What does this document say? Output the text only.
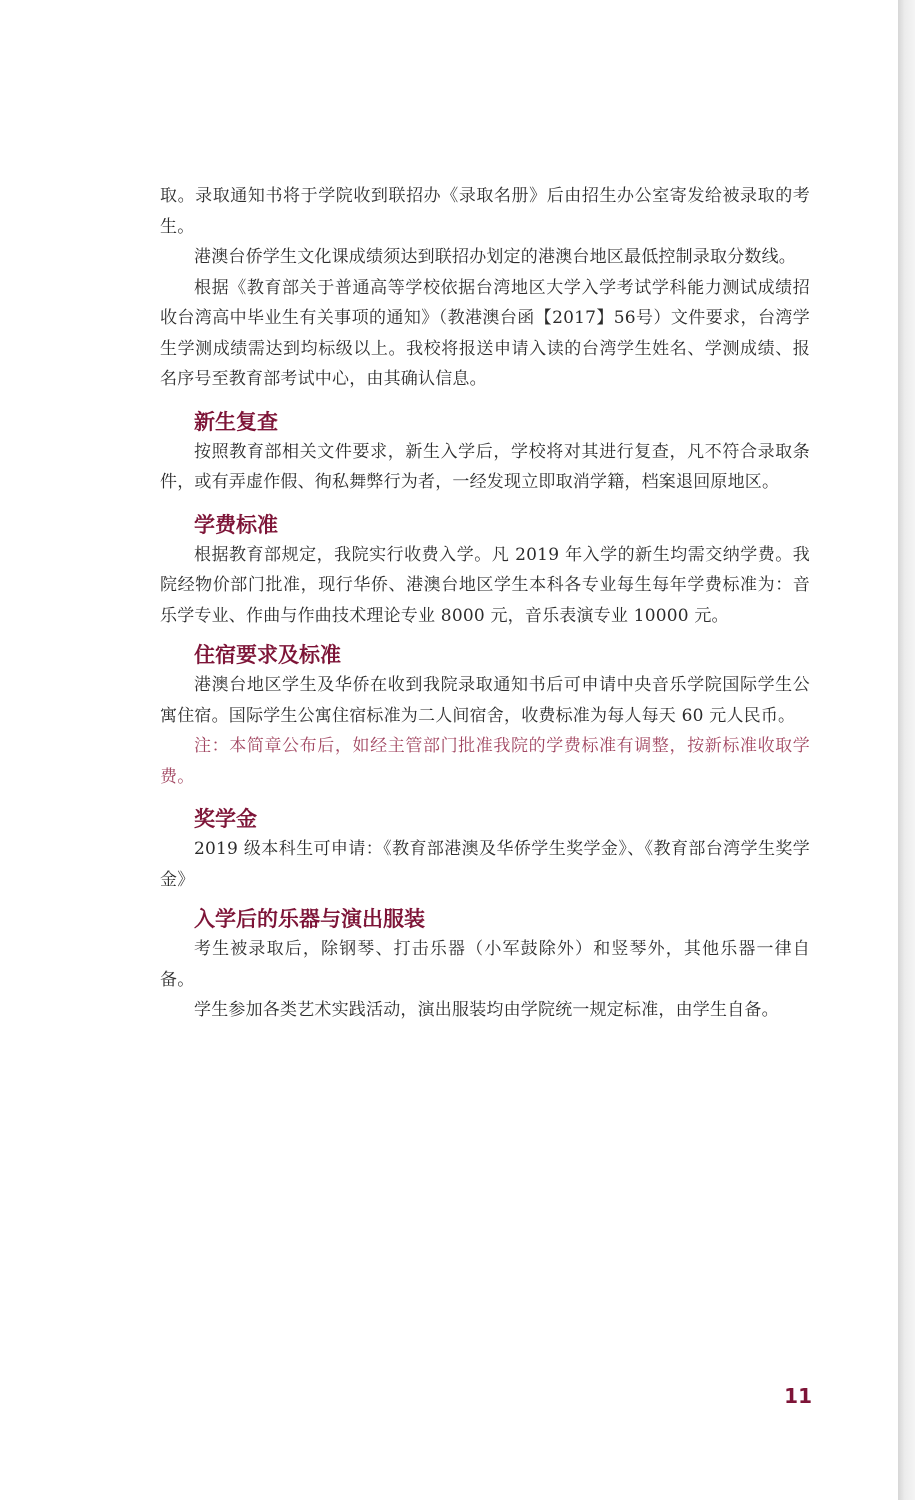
取。录取通知书将于学院收到联招办《录取名册》后由招生办公室寄发给被录取的考生。

港澳台侨学生文化课成绩须达到联招办划定的港澳台地区最低控制录取分数线。

根据《教育部关于普通高等学校依据台湾地区大学入学考试学科能力测试成绩招收台湾高中毕业生有关事项的通知》（教港澳台函【2017】56号）文件要求，台湾学生学测成绩需达到均标级以上。我校将报送申请入读的台湾学生姓名、学测成绩、报名序号至教育部考试中心，由其确认信息。

新生复查

按照教育部相关文件要求，新生入学后，学校将对其进行复查，凡不符合录取条件，或有弄虚作假、徇私舞弊行为者，一经发现立即取消学籍，档案退回原地区。

学费标准

根据教育部规定，我院实行收费入学。凡 2019 年入学的新生均需交纳学费。我院经物价部门批准，现行华侨、港澳台地区学生本科各专业每生每年学费标准为：音乐学专业、作曲与作曲技术理论专业 8000 元，音乐表演专业 10000 元。

住宿要求及标准

港澳台地区学生及华侨在收到我院录取通知书后可申请中央音乐学院国际学生公寓住宿。国际学生公寓住宿标准为二人间宿舍，收费标准为每人每天 60 元人民币。

注：本简章公布后，如经主管部门批准我院的学费标准有调整，按新标准收取学费。

奖学金

2019 级本科生可申请：《教育部港澳及华侨学生奖学金》、《教育部台湾学生奖学金》

入学后的乐器与演出服装

考生被录取后，除钢琴、打击乐器（小军鼓除外）和竖琴外，其他乐器一律自备。

学生参加各类艺术实践活动，演出服装均由学院统一规定标准，由学生自备。

11
